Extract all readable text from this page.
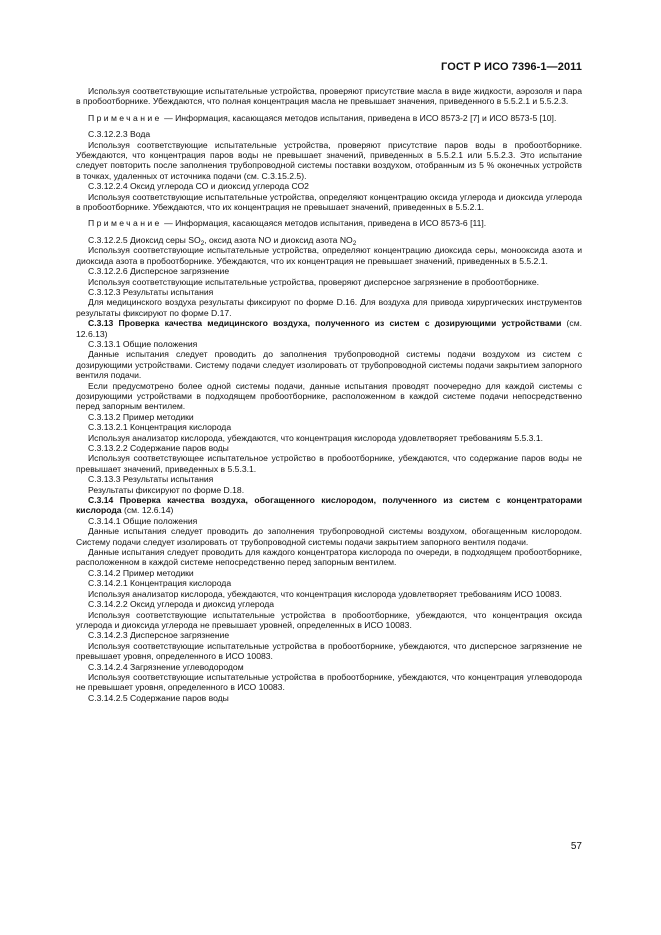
ГОСТ Р ИСО 7396-1—2011
Используя соответствующие испытательные устройства, проверяют присутствие масла в виде жидкости, аэрозоля и пара в пробоотборнике. Убеждаются, что полная концентрация масла не превышает значения, приведенного в 5.5.2.1 и 5.5.2.3.
Примечание — Информация, касающаяся методов испытания, приведена в ИСО 8573-2 [7] и ИСО 8573-5 [10].
С.3.12.2.3 Вода
Используя соответствующие испытательные устройства, проверяют присутствие паров воды в пробоотборнике. Убеждаются, что концентрация паров воды не превышает значений, приведенных в 5.5.2.1 или 5.5.2.3. Это испытание следует повторить после заполнения трубопроводной системы поставки воздухом, отобранным из 5 % оконечных устройств в точках, удаленных от источника подачи (см. С.3.15.2.5).
С.3.12.2.4 Оксид углерода СО и диоксид углерода СО2
Используя соответствующие испытательные устройства, определяют концентрацию оксида углерода и диоксида углерода в пробоотборнике. Убеждаются, что их концентрация не превышает значений, приведенных в 5.5.2.1.
Примечание — Информация, касающаяся методов испытания, приведена в ИСО 8573-6 [11].
С.3.12.2.5 Диоксид серы $SO_2$, оксид азота NO и диоксид азота $NO_2$
Используя соответствующие испытательные устройства, определяют концентрацию диоксида серы, монооксида азота и диоксида азота в пробоотборнике. Убеждаются, что их концентрация не превышает значений, приведенных в 5.5.2.1.
С.3.12.2.6 Дисперсное загрязнение
Используя соответствующие испытательные устройства, проверяют дисперсное загрязнение в пробоотборнике.
С.3.12.3 Результаты испытания
Для медицинского воздуха результаты фиксируют по форме D.16. Для воздуха для привода хирургических инструментов результаты фиксируют по форме D.17.
С.3.13 Проверка качества медицинского воздуха, полученного из систем с дозирующими устройствами (см. 12.6.13)
С.3.13.1 Общие положения
Данные испытания следует проводить до заполнения трубопроводной системы подачи воздухом из систем с дозирующими устройствами. Систему подачи следует изолировать от трубопроводной системы подачи закрытием запорного вентиля подачи.
Если предусмотрено более одной системы подачи, данные испытания проводят поочередно для каждой системы с дозирующими устройствами в подходящем пробоотборнике, расположенном в каждой системе подачи непосредственно перед запорным вентилем.
С.3.13.2 Пример методики
С.3.13.2.1 Концентрация кислорода
Используя анализатор кислорода, убеждаются, что концентрация кислорода удовлетворяет требованиям 5.5.3.1.
С.3.13.2.2 Содержание паров воды
Используя соответствующее испытательное устройство в пробоотборнике, убеждаются, что содержание паров воды не превышает значений, приведенных в 5.5.3.1.
С.3.13.3 Результаты испытания
Результаты фиксируют по форме D.18.
С.3.14 Проверка качества воздуха, обогащенного кислородом, полученного из систем с концентраторами кислорода (см. 12.6.14)
С.3.14.1 Общие положения
Данные испытания следует проводить до заполнения трубопроводной системы воздухом, обогащенным кислородом. Систему подачи следует изолировать от трубопроводной системы подачи закрытием запорного вентиля подачи.
Данные испытания следует проводить для каждого концентратора кислорода по очереди, в подходящем пробоотборнике, расположенном в каждой системе непосредственно перед запорным вентилем.
С.3.14.2 Пример методики
С.3.14.2.1 Концентрация кислорода
Используя анализатор кислорода, убеждаются, что концентрация кислорода удовлетворяет требованиям ИСО 10083.
С.3.14.2.2 Оксид углерода и диоксид углерода
Используя соответствующие испытательные устройства в пробоотборнике, убеждаются, что концентрация оксида углерода и диоксида углерода не превышает уровней, определенных в ИСО 10083.
С.3.14.2.3 Дисперсное загрязнение
Используя соответствующие испытательные устройства в пробоотборнике, убеждаются, что дисперсное загрязнение не превышает уровня, определенного в ИСО 10083.
С.3.14.2.4 Загрязнение углеводородом
Используя соответствующие испытательные устройства в пробоотборнике, убеждаются, что концентрация углеводорода не превышает уровня, определенного в ИСО 10083.
С.3.14.2.5 Содержание паров воды
57
